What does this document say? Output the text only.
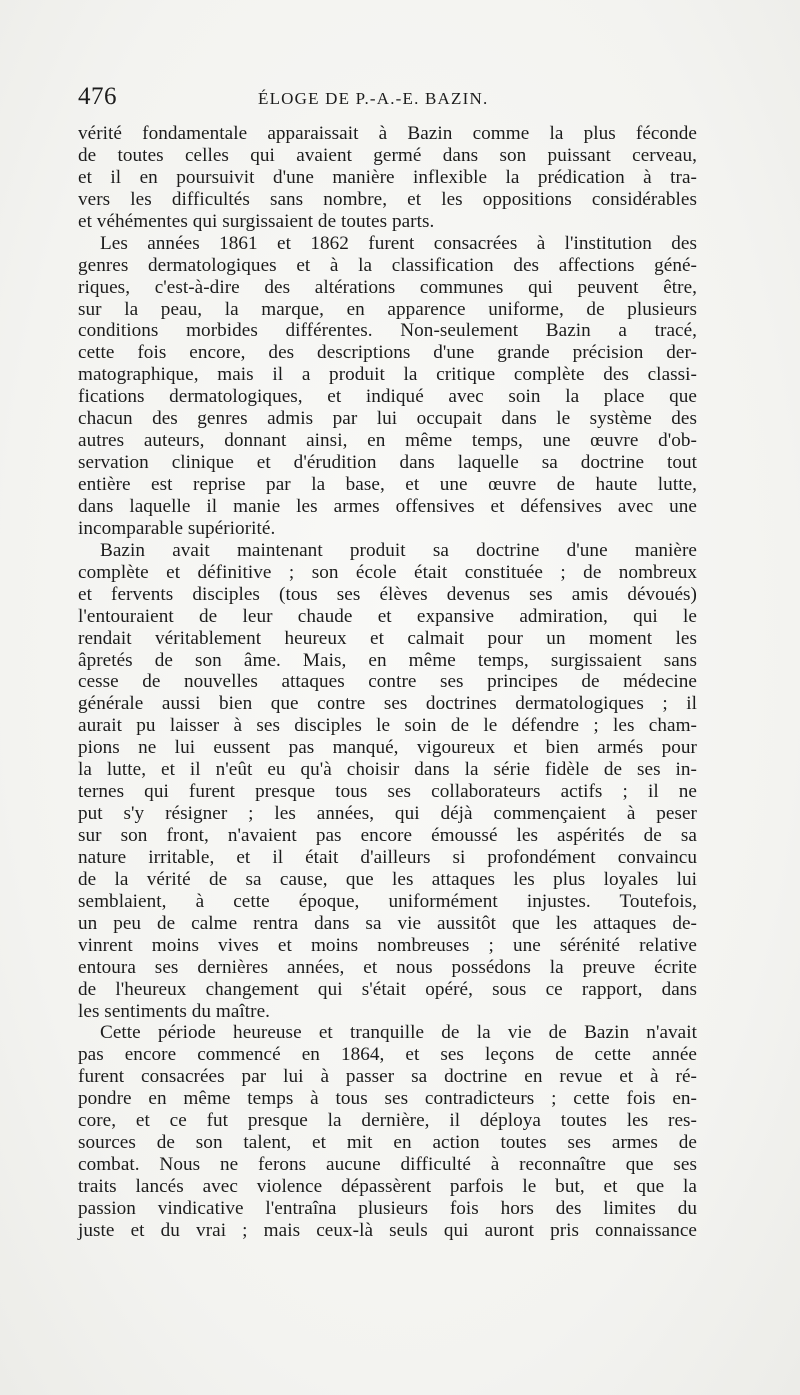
476	ÉLOGE DE P.-A.-E. BAZIN.
vérité fondamentale apparaissait à Bazin comme la plus féconde
de toutes celles qui avaient germé dans son puissant cerveau,
et il en poursuivit d'une manière inflexible la prédication à tra-
vers les difficultés sans nombre, et les oppositions considérables
et véhémentes qui surgissaient de toutes parts.
Les années 1861 et 1862 furent consacrées à l'institution des
genres dermatologiques et à la classification des affections géné-
riques, c'est-à-dire des altérations communes qui peuvent être,
sur la peau, la marque, en apparence uniforme, de plusieurs
conditions morbides différentes. Non-seulement Bazin a tracé,
cette fois encore, des descriptions d'une grande précision der-
matographique, mais il a produit la critique complète des classi-
fications dermatologiques, et indiqué avec soin la place que
chacun des genres admis par lui occupait dans le système des
autres auteurs, donnant ainsi, en même temps, une œuvre d'ob-
servation clinique et d'érudition dans laquelle sa doctrine tout
entière est reprise par la base, et une œuvre de haute lutte,
dans laquelle il manie les armes offensives et défensives avec une
incomparable supériorité.
Bazin avait maintenant produit sa doctrine d'une manière
complète et définitive ; son école était constituée ; de nombreux
et fervents disciples (tous ses élèves devenus ses amis dévoués)
l'entouraient de leur chaude et expansive admiration, qui le
rendait véritablement heureux et calmait pour un moment les
âpretés de son âme. Mais, en même temps, surgissaient sans
cesse de nouvelles attaques contre ses principes de médecine
générale aussi bien que contre ses doctrines dermatologiques ; il
aurait pu laisser à ses disciples le soin de le défendre ; les cham-
pions ne lui eussent pas manqué, vigoureux et bien armés pour
la lutte, et il n'eût eu qu'à choisir dans la série fidèle de ses in-
ternes qui furent presque tous ses collaborateurs actifs ; il ne
put s'y résigner ; les années, qui déjà commençaient à peser
sur son front, n'avaient pas encore émoussé les aspérités de sa
nature irritable, et il était d'ailleurs si profondément convaincu
de la vérité de sa cause, que les attaques les plus loyales lui
semblaient, à cette époque, uniformément injustes. Toutefois,
un peu de calme rentra dans sa vie aussitôt que les attaques de-
vinrent moins vives et moins nombreuses ; une sérénité relative
entoura ses dernières années, et nous possédons la preuve écrite
de l'heureux changement qui s'était opéré, sous ce rapport, dans
les sentiments du maître.
Cette période heureuse et tranquille de la vie de Bazin n'avait
pas encore commencé en 1864, et ses leçons de cette année
furent consacrées par lui à passer sa doctrine en revue et à ré-
pondre en même temps à tous ses contradicteurs ; cette fois en-
core, et ce fut presque la dernière, il déploya toutes les res-
sources de son talent, et mit en action toutes ses armes de
combat. Nous ne ferons aucune difficulté à reconnaître que ses
traits lancés avec violence dépassèrent parfois le but, et que la
passion vindicative l'entraîna plusieurs fois hors des limites du
juste et du vrai ; mais ceux-là seuls qui auront pris connaissance
